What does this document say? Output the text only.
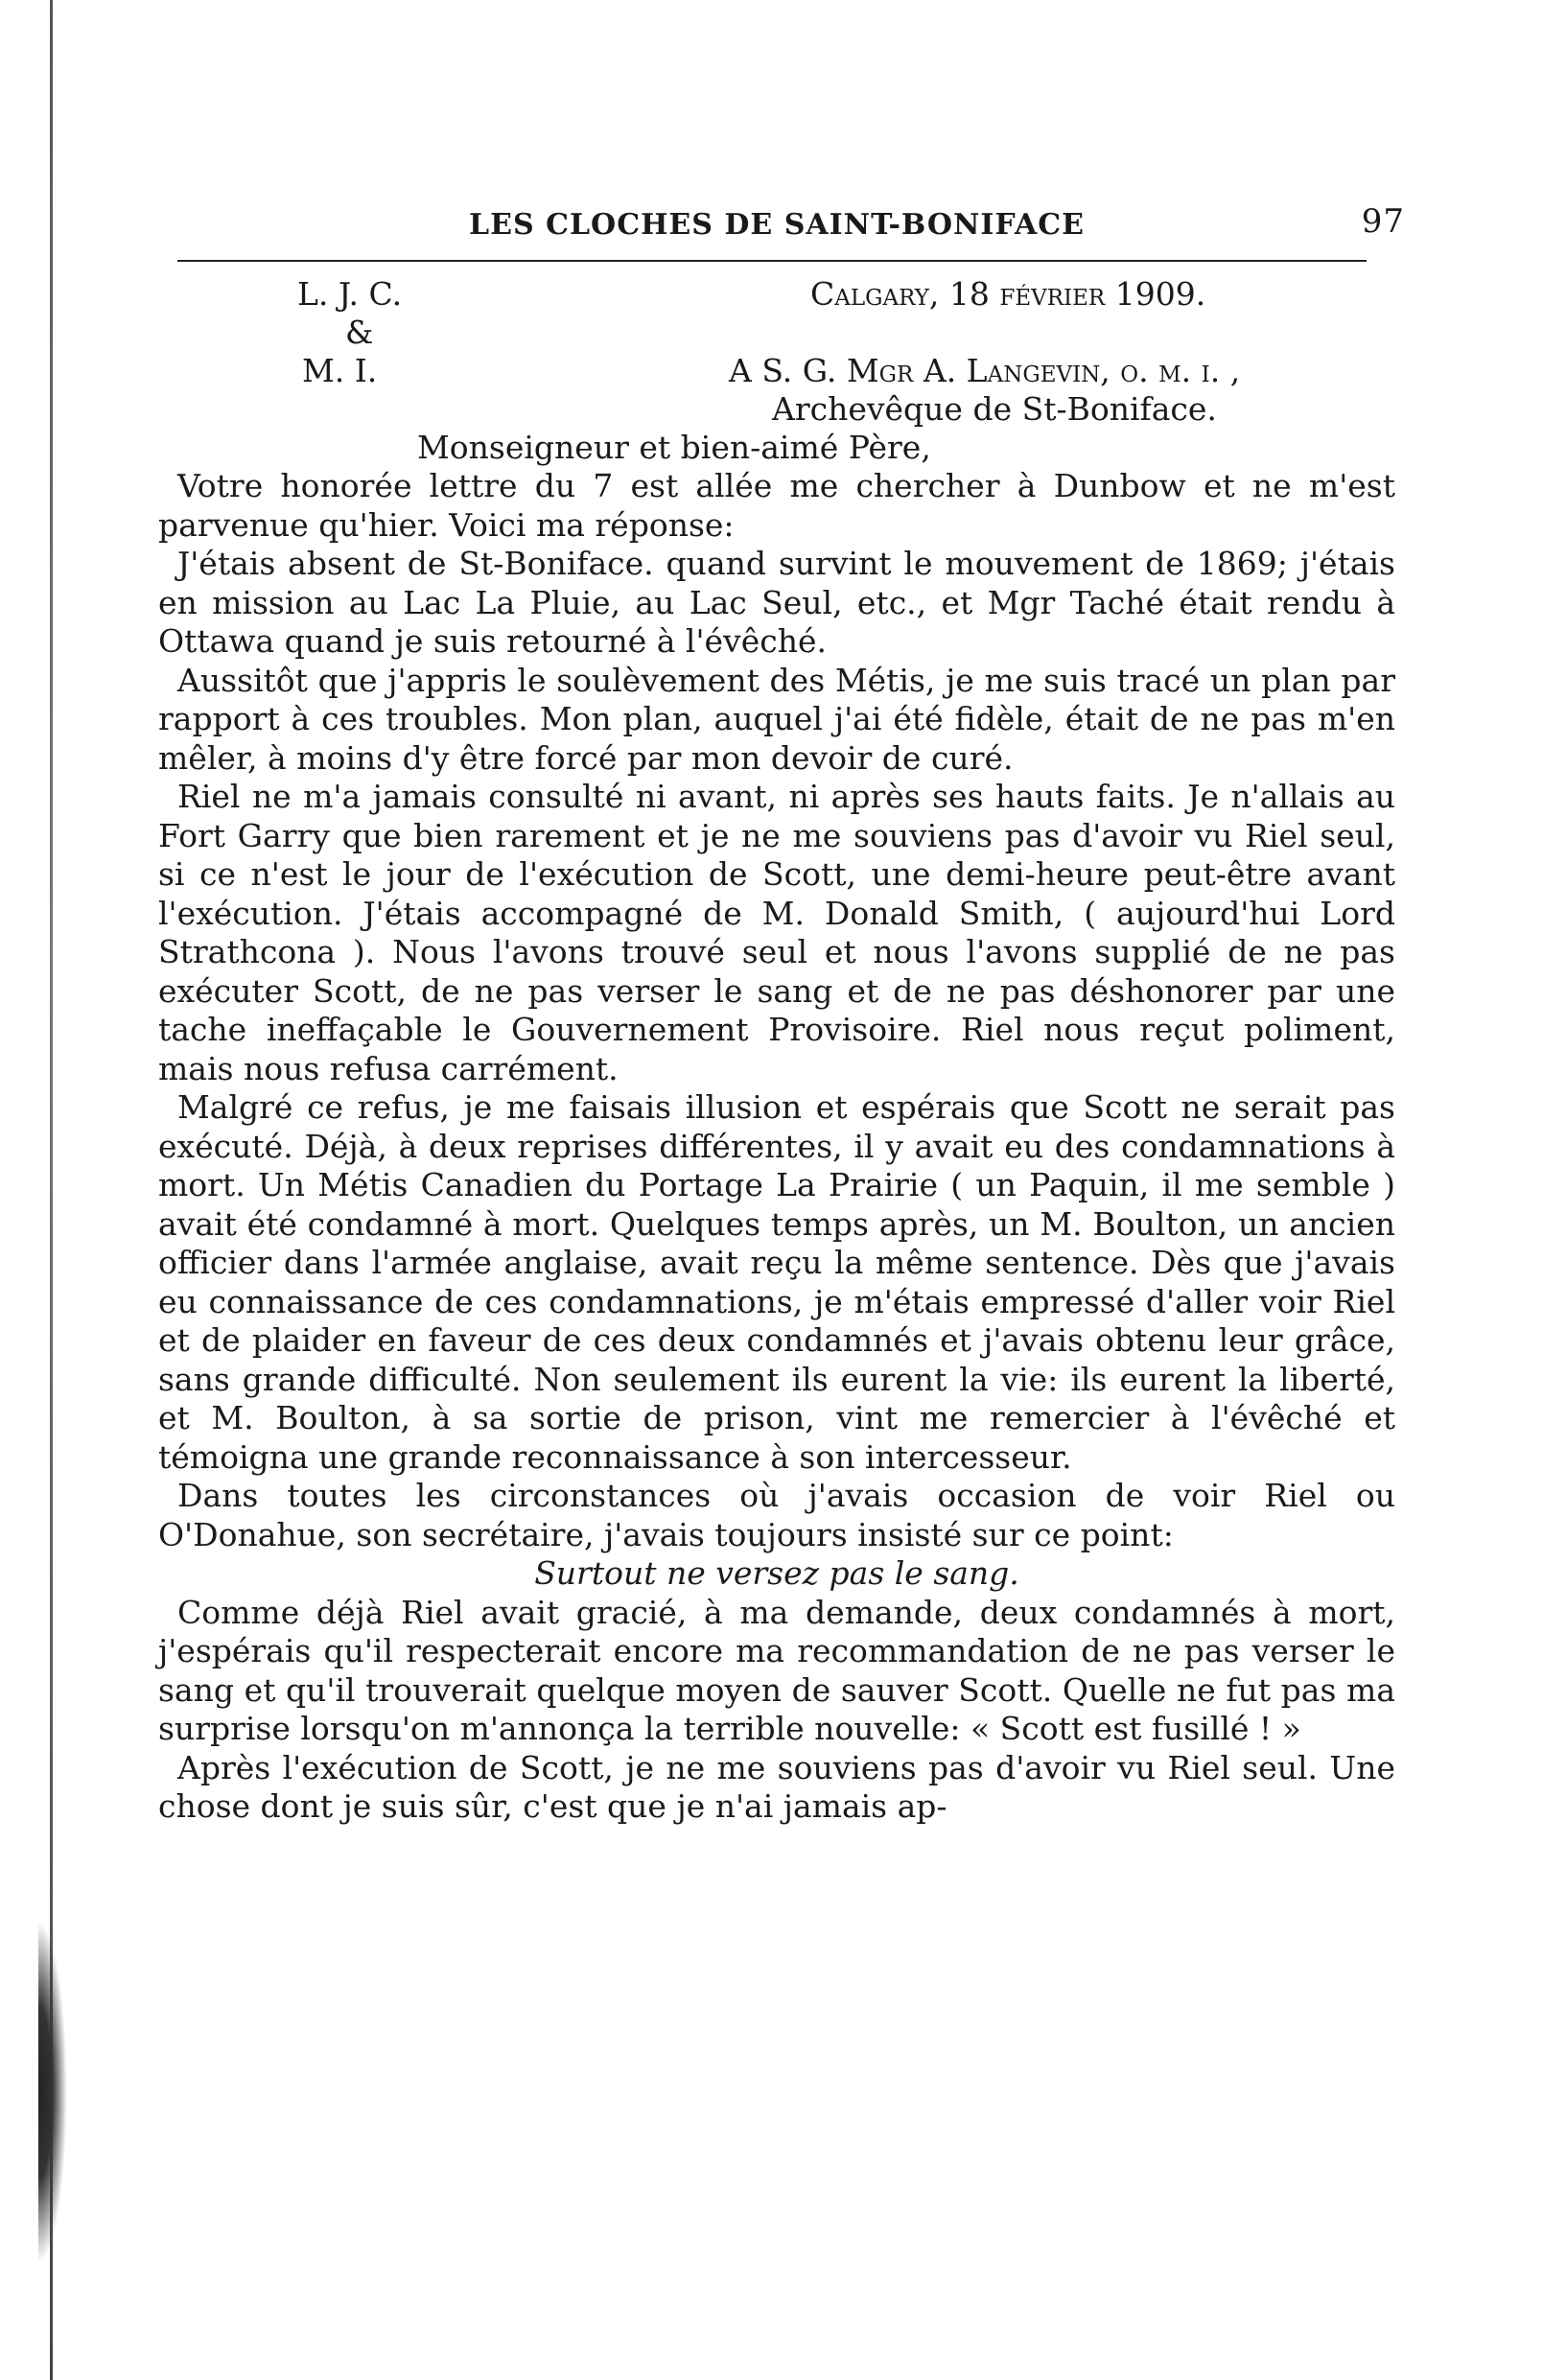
LES CLOCHES DE SAINT-BONIFACE	97
L. J. C.	Calgary, 18 février 1909.
&
M. I.	A S. G. Mgr A. Langevin, o. m. i. ,
Archevêque de St-Boniface.
Monseigneur et bien-aimé Père,

Votre honorée lettre du 7 est allée me chercher à Dunbow et ne m'est parvenue qu'hier. Voici ma réponse:

J'étais absent de St-Boniface. quand survint le mouvement de 1869; j'étais en mission au Lac La Pluie, au Lac Seul, etc., et Mgr Taché était rendu à Ottawa quand je suis retourné à l'évêché.

Aussitôt que j'appris le soulèvement des Métis, je me suis tracé un plan par rapport à ces troubles. Mon plan, auquel j'ai été fidèle, était de ne pas m'en mêler, à moins d'y être forcé par mon devoir de curé.

Riel ne m'a jamais consulté ni avant, ni après ses hauts faits. Je n'allais au Fort Garry que bien rarement et je ne me souviens pas d'avoir vu Riel seul, si ce n'est le jour de l'exécution de Scott, une demi-heure peut-être avant l'exécution. J'étais accompagné de M. Donald Smith, ( aujourd'hui Lord Strathcona ). Nous l'avons trouvé seul et nous l'avons supplié de ne pas exécuter Scott, de ne pas verser le sang et de ne pas déshonorer par une tache ineffaçable le Gouvernement Provisoire. Riel nous reçut poliment, mais nous refusa carrément.

Malgré ce refus, je me faisais illusion et espérais que Scott ne serait pas exécuté. Déjà, à deux reprises différentes, il y avait eu des condamnations à mort. Un Métis Canadien du Portage La Prairie ( un Paquin, il me semble ) avait été condamné à mort. Quelques temps après, un M. Boulton, un ancien officier dans l'armée anglaise, avait reçu la même sentence. Dès que j'avais eu connaissance de ces condamnations, je m'étais empressé d'aller voir Riel et de plaider en faveur de ces deux condamnés et j'avais obtenu leur grâce, sans grande difficulté. Non seulement ils eurent la vie: ils eurent la liberté, et M. Boulton, à sa sortie de prison, vint me remercier à l'évêché et témoigna une grande reconnaissance à son intercesseur.

Dans toutes les circonstances où j'avais occasion de voir Riel ou O'Donahue, son secrétaire, j'avais toujours insisté sur ce point:

Surtout ne versez pas le sang.

Comme déjà Riel avait gracié, à ma demande, deux condamnés à mort, j'espérais qu'il respecterait encore ma recommandation de ne pas verser le sang et qu'il trouverait quelque moyen de sauver Scott. Quelle ne fut pas ma surprise lorsqu'on m'annonça la terrible nouvelle: « Scott est fusillé ! »

Après l'exécution de Scott, je ne me souviens pas d'avoir vu Riel seul. Une chose dont je suis sûr, c'est que je n'ai jamais ap-
